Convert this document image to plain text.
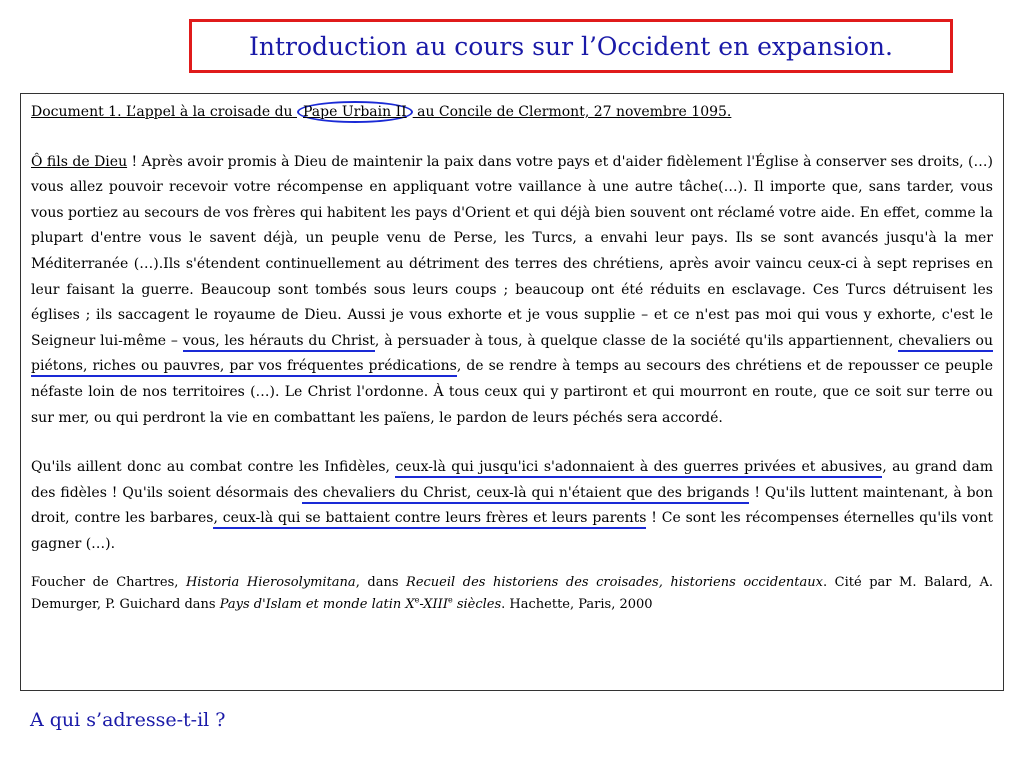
Introduction au cours sur l’Occident en expansion.

Document 1. L’appel à la croisade du Pape Urbain II au Concile de Clermont, 27 novembre 1095.

Ô fils de Dieu ! Après avoir promis à Dieu de maintenir la paix dans votre pays et d'aider fidèlement l'Église à conserver ses droits, (…) vous allez pouvoir recevoir votre récompense en appliquant votre vaillance à une autre tâche(…). Il importe que, sans tarder, vous vous portiez au secours de vos frères qui habitent les pays d'Orient et qui déjà bien souvent ont réclamé votre aide. En effet, comme la plupart d'entre vous le savent déjà, un peuple venu de Perse, les Turcs, a envahi leur pays. Ils se sont avancés jusqu'à la mer Méditerranée (…).Ils s'étendent continuellement au détriment des terres des chrétiens, après avoir vaincu ceux-ci à sept reprises en leur faisant la guerre. Beaucoup sont tombés sous leurs coups ; beaucoup ont été réduits en esclavage. Ces Turcs détruisent les églises ; ils saccagent le royaume de Dieu. Aussi je vous exhorte et je vous supplie – et ce n'est pas moi qui vous y exhorte, c'est le Seigneur lui-même – vous, les hérauts du Christ, à persuader à tous, à quelque classe de la société qu'ils appartiennent, chevaliers ou piétons, riches ou pauvres, par vos fréquentes prédications, de se rendre à temps au secours des chrétiens et de repousser ce peuple néfaste loin de nos territoires (…). Le Christ l'ordonne. À tous ceux qui y partiront et qui mourront en route, que ce soit sur terre ou sur mer, ou qui perdront la vie en combattant les païens, le pardon de leurs péchés sera accordé.

Qu'ils aillent donc au combat contre les Infidèles, ceux-là qui jusqu'ici s'adonnaient à des guerres privées et abusives, au grand dam des fidèles ! Qu'ils soient désormais des chevaliers du Christ, ceux-là qui n'étaient que des brigands ! Qu'ils luttent maintenant, à bon droit, contre les barbares, ceux-là qui se battaient contre leurs frères et leurs parents ! Ce sont les récompenses éternelles qu'ils vont gagner (…).

Foucher de Chartres, Historia Hierosolymitana, dans Recueil des historiens des croisades, historiens occidentaux. Cité par M. Balard, A. Demurger, P. Guichard dans Pays d'Islam et monde latin Xe-XIIIe siècles. Hachette, Paris, 2000

A qui s’adresse-t-il ?
